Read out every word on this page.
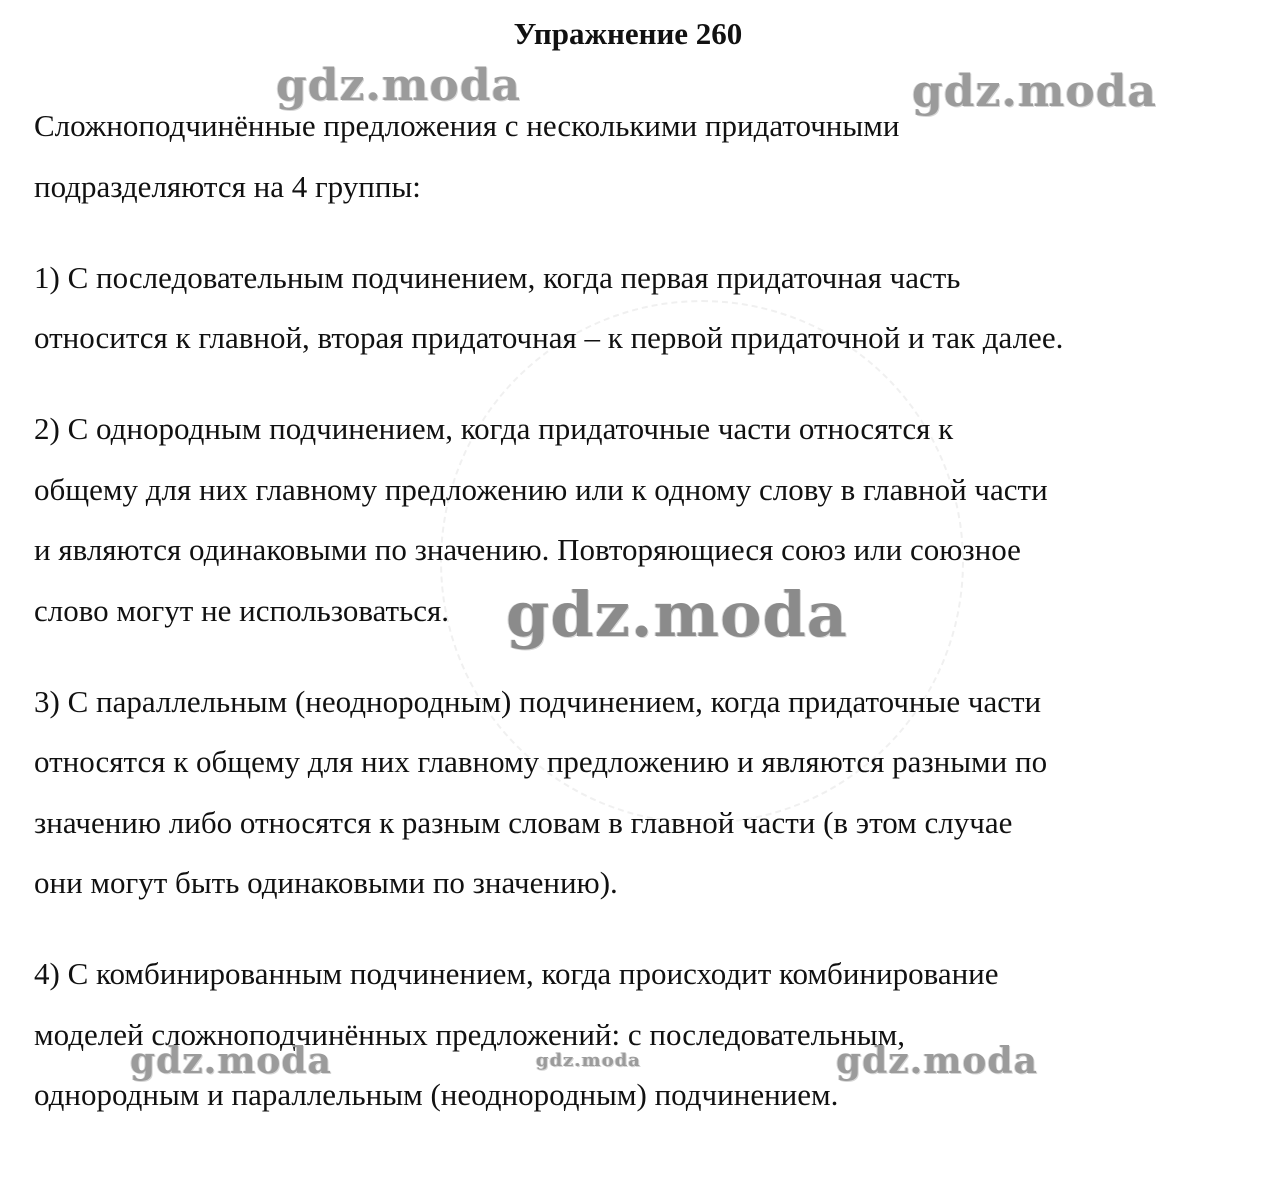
Упражнение 260

Сложноподчинённые предложения с несколькими придаточными
подразделяются на 4 группы:

1) С последовательным подчинением, когда первая придаточная часть
относится к главной, вторая придаточная – к первой придаточной и так далее.

2) С однородным подчинением, когда придаточные части относятся к
общему для них главному предложению или к одному слову в главной части
и являются одинаковыми по значению. Повторяющиеся союз или союзное
слово могут не использоваться.

3) С параллельным (неоднородным) подчинением, когда придаточные части
относятся к общему для них главному предложению и являются разными по
значению либо относятся к разным словам в главной части (в этом случае
они могут быть одинаковыми по значению).

4) С комбинированным подчинением, когда происходит комбинирование
моделей сложноподчинённых предложений: с последовательным,
однородным и параллельным (неоднородным) подчинением.

gdz.moda	gdz.moda
gdz.moda
gdz.moda	gdz.moda	gdz.moda
